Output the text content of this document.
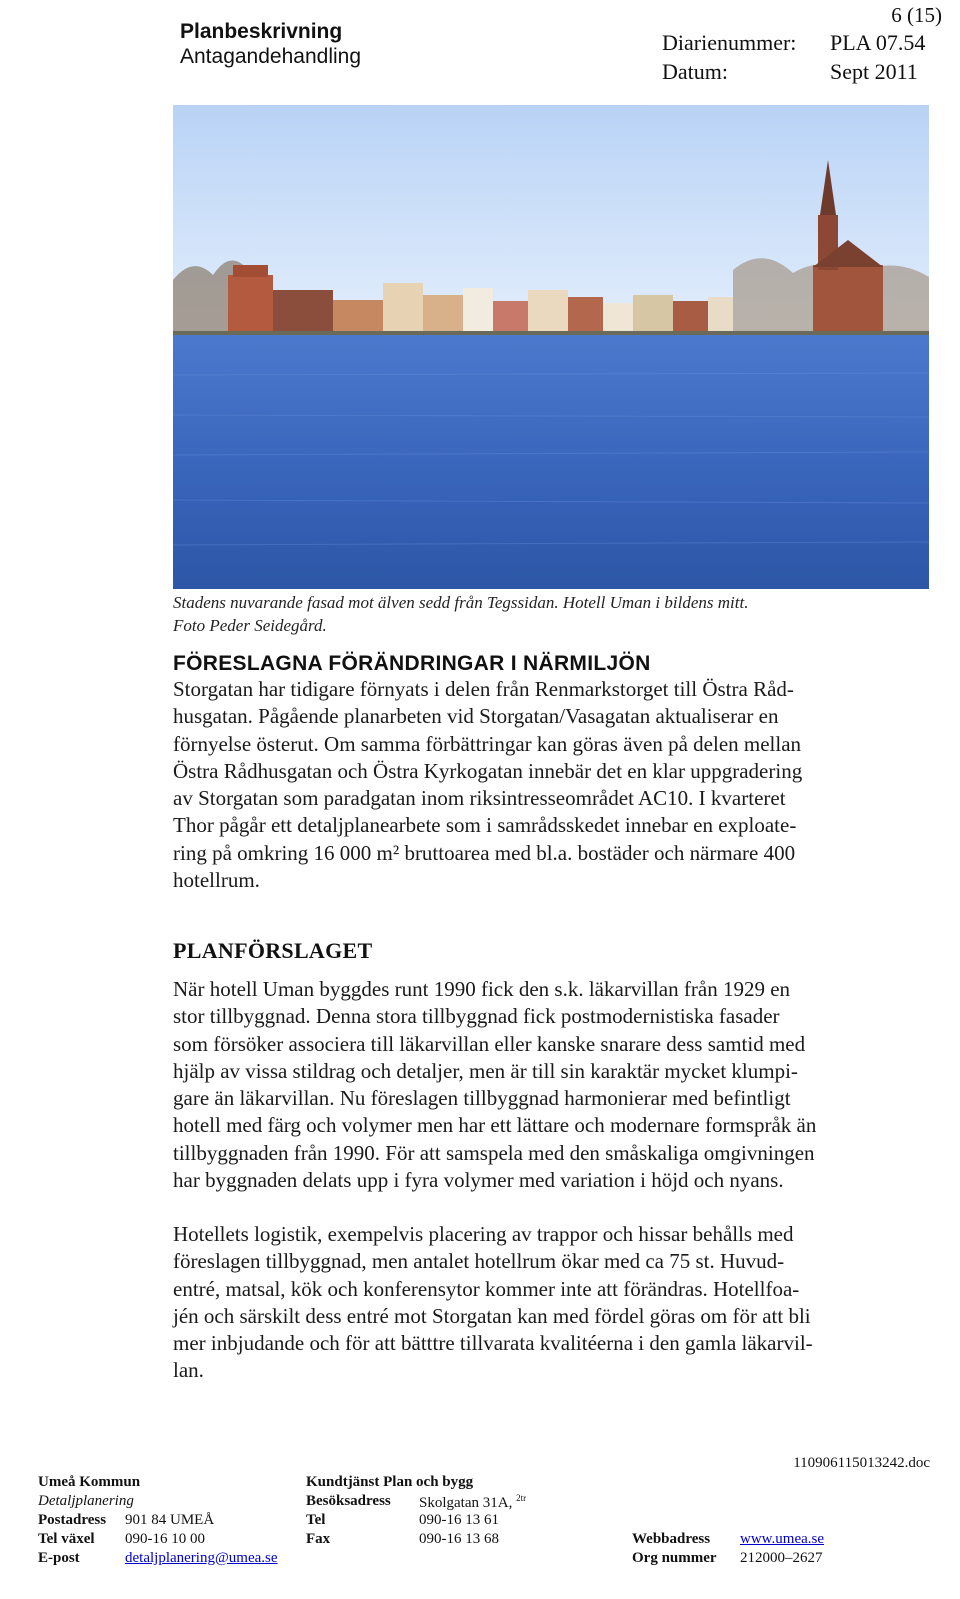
6 (15)
Planbeskrivning
Antagandehandling
Diarienummer:	PLA 07.54
Datum:	Sept 2011
Stadens nuvarande fasad mot älven sedd från Tegssidan. Hotell Uman i bildens mitt.
Foto Peder Seidegård.
FÖRESLAGNA FÖRÄNDRINGAR I NÄRMILJÖN
Storgatan har tidigare förnyats i delen från Renmarkstorget till Östra Råd-
husgatan. Pågående planarbeten vid Storgatan/Vasagatan aktualiserar en
förnyelse österut. Om samma förbättringar kan göras även på delen mellan
Östra Rådhusgatan och Östra Kyrkogatan innebär det en klar uppgradering
av Storgatan som paradgatan inom riksintresseområdet AC10. I kvarteret
Thor pågår ett detaljplanearbete som i samrådsskedet innebar en exploate-
ring på omkring 16 000 m² bruttoarea med bl.a. bostäder och närmare 400
hotellrum.
PLANFÖRSLAGET
När hotell Uman byggdes runt 1990 fick den s.k. läkarvillan från 1929 en
stor tillbyggnad. Denna stora tillbyggnad fick postmodernistiska fasader
som försöker associera till läkarvillan eller kanske snarare dess samtid med
hjälp av vissa stildrag och detaljer, men är till sin karaktär mycket klumpi-
gare än läkarvillan. Nu föreslagen tillbyggnad harmonierar med befintligt
hotell med färg och volymer men har ett lättare och modernare formspråk än
tillbyggnaden från 1990. För att samspela med den småskaliga omgivningen
har byggnaden delats upp i fyra volymer med variation i höjd och nyans.
Hotellets logistik, exempelvis placering av trappor och hissar behålls med
föreslagen tillbyggnad, men antalet hotellrum ökar med ca 75 st. Huvud-
entré, matsal, kök och konferensytor kommer inte att förändras. Hotellfoa-
jén och särskilt dess entré mot Storgatan kan med fördel göras om för att bli
mer inbjudande och för att bätttre tillvarata kvalitéerna i den gamla läkarvil-
lan.
110906115013242.doc
Umeå Kommun
Detaljplanering
Postadress 901 84 UMEÅ
Tel växel 090-16 10 00
E-post	detaljplanering@umea.se
Kundtjänst Plan och bygg
Besöksadress Skolgatan 31A, $^{2tr}$
Tel	090-16 13 61
Fax	090-16 13 68	Webbadress www.umea.se
Org nummer 212000–2627
